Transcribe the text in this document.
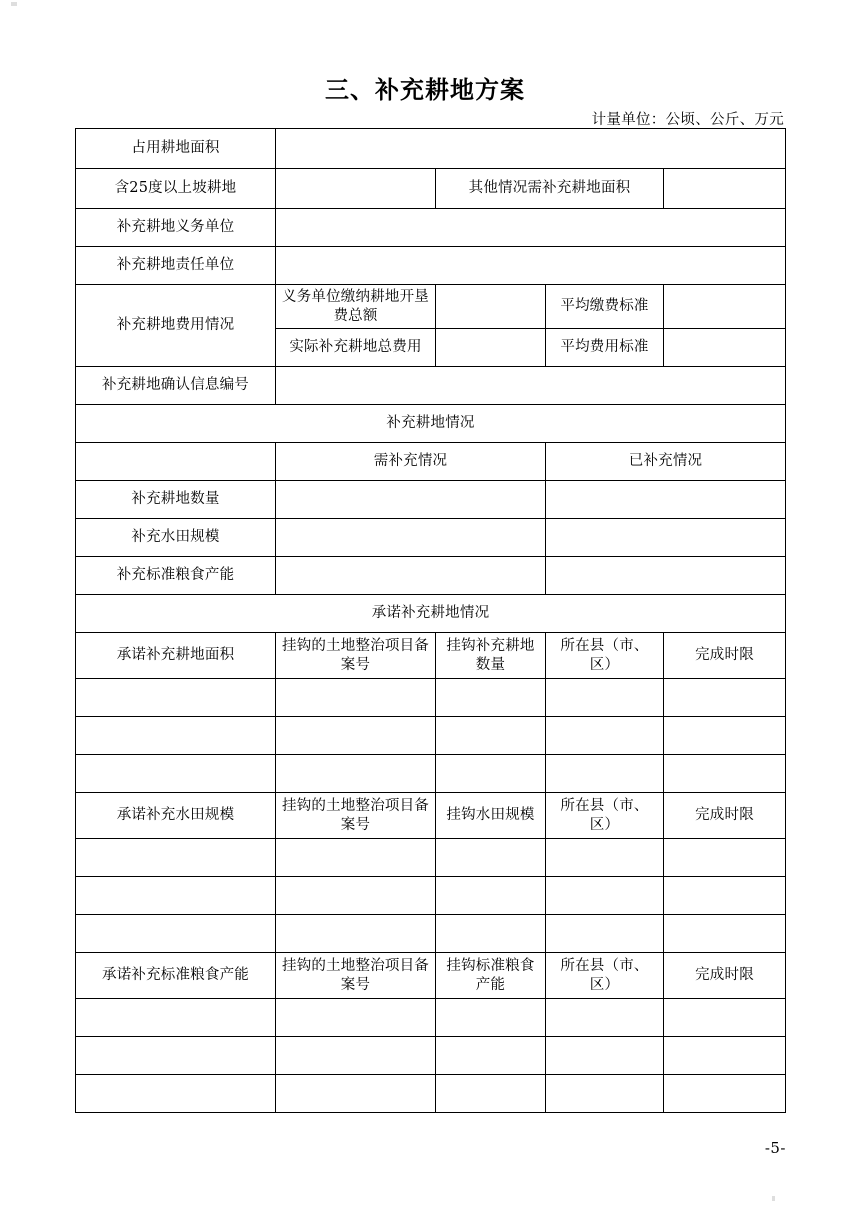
三、补充耕地方案
计量单位：公顷、公斤、万元
占用耕地面积				
含25度以上坡耕地		其他情况需补充耕地面积		
补充耕地义务单位				
补充耕地责任单位				
补充耕地费用情况	义务单位缴纳耕地开垦费总额		平均缴费标准	
	实际补充耕地总费用		平均费用标准	
补充耕地确认信息编号				
补充耕地情况				
	需补充情况		已补充情况	
补充耕地数量				
补充水田规模				
补充标准粮食产能				
承诺补充耕地情况				
承诺补充耕地面积	挂钩的土地整治项目备案号	挂钩补充耕地数量	所在县（市、区）	完成时限

承诺补充水田规模	挂钩的土地整治项目备案号	挂钩水田规模	所在县（市、区）	完成时限

承诺补充标准粮食产能	挂钩的土地整治项目备案号	挂钩标准粮食产能	所在县（市、区）	完成时限

-5-
